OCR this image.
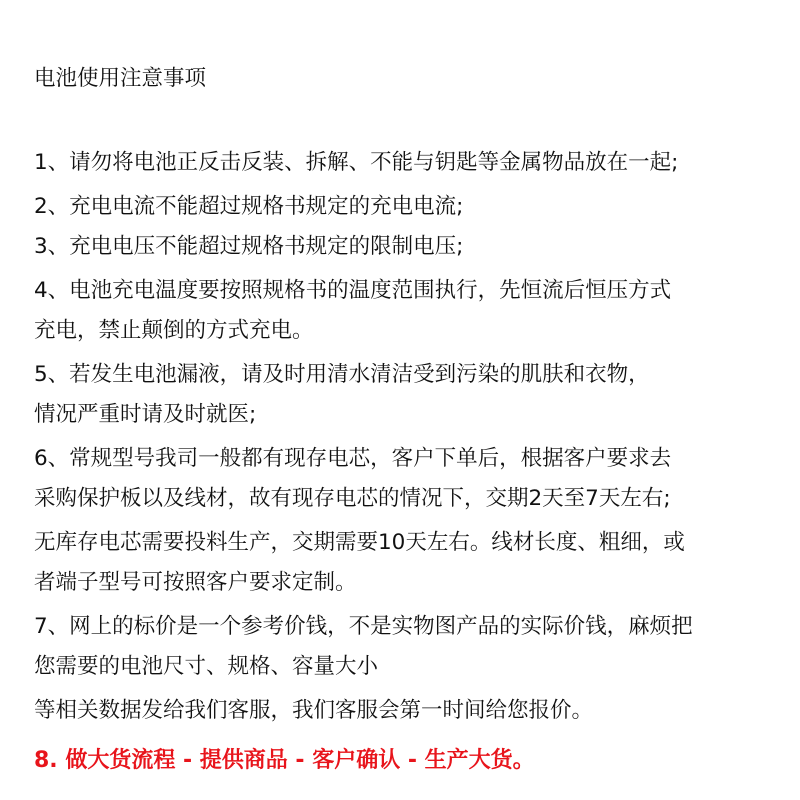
电池使用注意事项
1、请勿将电池正反击反装、拆解、不能与钥匙等金属物品放在一起;
2、充电电流不能超过规格书规定的充电电流;
3、充电电压不能超过规格书规定的限制电压;
4、电池充电温度要按照规格书的温度范围执行，先恒流后恒压方式
充电，禁止颠倒的方式充电。
5、若发生电池漏液，请及时用清水清洁受到污染的肌肤和衣物，
情况严重时请及时就医;
6、常规型号我司一般都有现存电芯，客户下单后，根据客户要求去
采购保护板以及线材，故有现存电芯的情况下，交期2天至7天左右;
无库存电芯需要投料生产，交期需要10天左右。线材长度、粗细，或
者端子型号可按照客户要求定制。
7、网上的标价是一个参考价钱，不是实物图产品的实际价钱，麻烦把
您需要的电池尺寸、规格、容量大小
等相关数据发给我们客服，我们客服会第一时间给您报价。
8. 做大货流程 - 提供商品 - 客户确认 - 生产大货。
